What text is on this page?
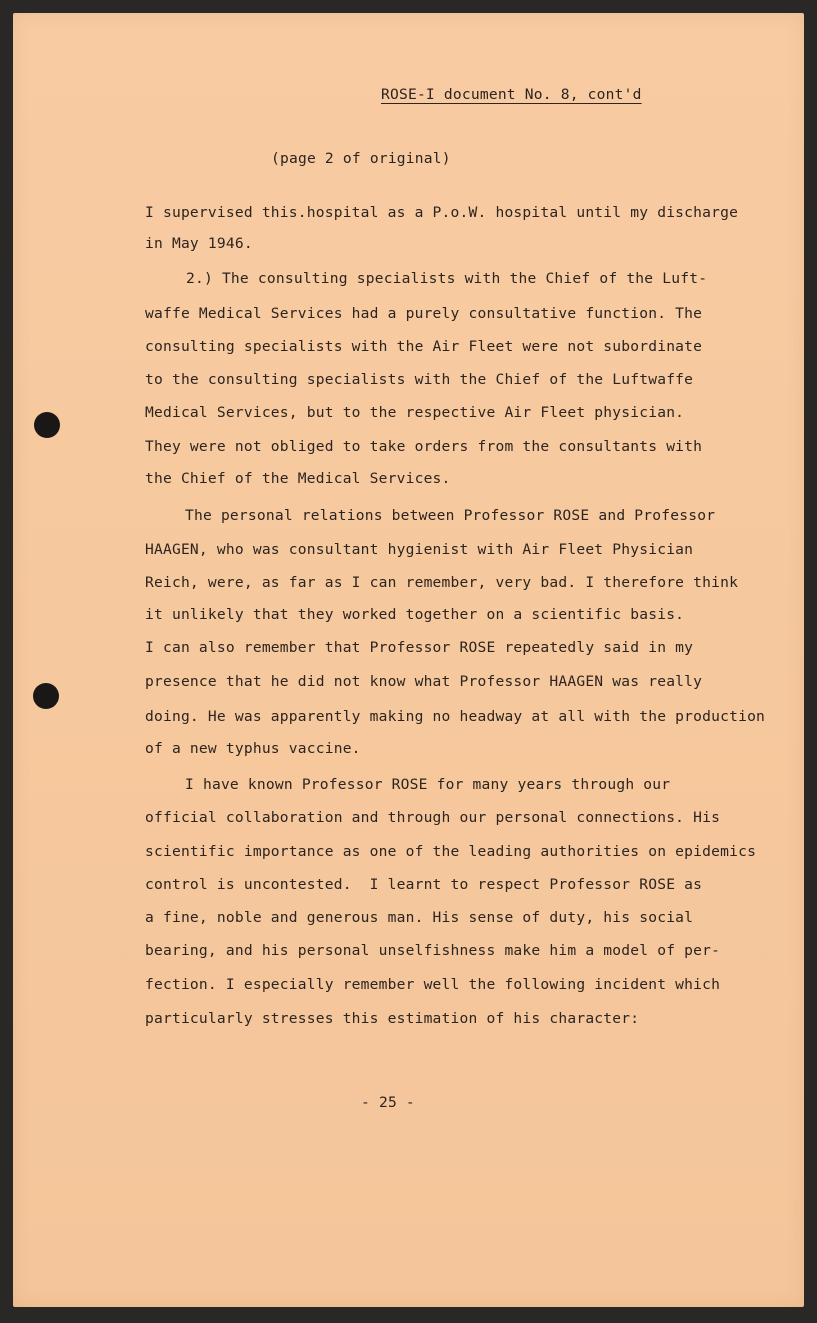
ROSE-I document No. 8, cont'd
(page 2 of original)
I supervised this.hospital as a P.o.W. hospital until my discharge
in May 1946.
2.) The consulting specialists with the Chief of the Luft-
waffe Medical Services had a purely consultative function. The
consulting specialists with the Air Fleet were not subordinate
to the consulting specialists with the Chief of the Luftwaffe
Medical Services, but to the respective Air Fleet physician.
They were not obliged to take orders from the consultants with
the Chief of the Medical Services.
The personal relations between Professor ROSE and Professor
HAAGEN, who was consultant hygienist with Air Fleet Physician
Reich, were, as far as I can remember, very bad. I therefore think
it unlikely that they worked together on a scientific basis.
I can also remember that Professor ROSE repeatedly said in my
presence that he did not know what Professor HAAGEN was really
doing. He was apparently making no headway at all with the production
of a new typhus vaccine.
I have known Professor ROSE for many years through our
official collaboration and through our personal connections. His
scientific importance as one of the leading authorities on epidemics
control is uncontested.  I learnt to respect Professor ROSE as
a fine, noble and generous man. His sense of duty, his social
bearing, and his personal unselfishness make him a model of per-
fection. I especially remember well the following incident which
particularly stresses this estimation of his character:
- 25 -
